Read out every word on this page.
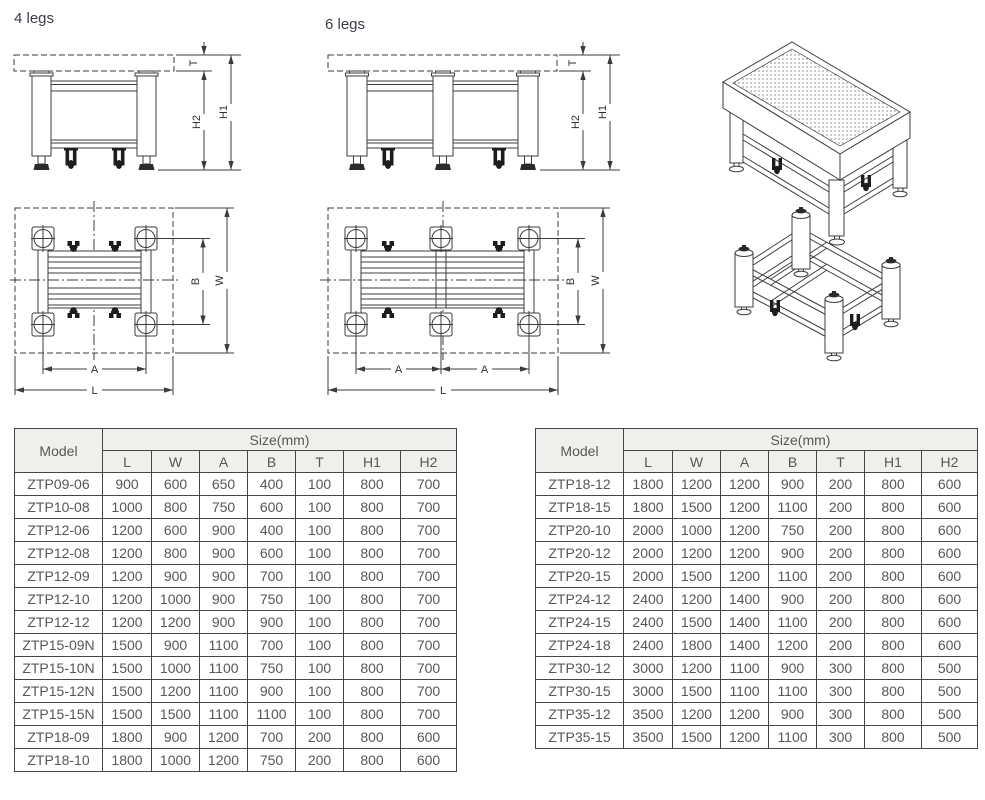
4 legs	6 legs
T
H2
H1
T
H2
H1
B W
A
L
B W
A	A
L
Model	Size(mm)						
	L	W	A	B	T	H1	H2
ZTP09-06	900	600	650	400	100	800	700
ZTP10-08	1000	800	750	600	100	800	700
ZTP12-06	1200	600	900	400	100	800	700
ZTP12-08	1200	800	900	600	100	800	700
ZTP12-09	1200	900	900	700	100	800	700
ZTP12-10	1200	1000	900	750	100	800	700
ZTP12-12	1200	1200	900	900	100	800	700
ZTP15-09N	1500	900	1100	700	100	800	700
ZTP15-10N	1500	1000	1100	750	100	800	700
ZTP15-12N	1500	1200	1100	900	100	800	700
ZTP15-15N	1500	1500	1100	1100	100	800	700
ZTP18-09	1800	900	1200	700	200	800	600
ZTP18-10	1800	1000	1200	750	200	800	600
Model	Size(mm)						
	L	W	A	B	T	H1	H2
ZTP18-12	1800	1200	1200	900	200	800	600
ZTP18-15	1800	1500	1200	1100	200	800	600
ZTP20-10	2000	1000	1200	750	200	800	600
ZTP20-12	2000	1200	1200	900	200	800	600
ZTP20-15	2000	1500	1200	1100	200	800	600
ZTP24-12	2400	1200	1400	900	200	800	600
ZTP24-15	2400	1500	1400	1100	200	800	600
ZTP24-18	2400	1800	1400	1200	200	800	600
ZTP30-12	3000	1200	1100	900	300	800	500
ZTP30-15	3000	1500	1100	1100	300	800	500
ZTP35-12	3500	1200	1200	900	300	800	500
ZTP35-15	3500	1500	1200	1100	300	800	500
